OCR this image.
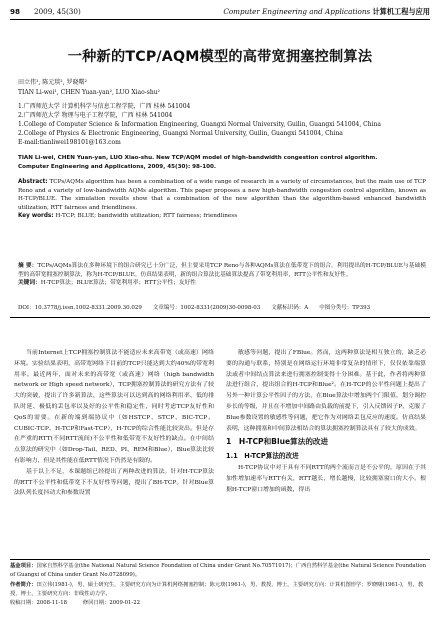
98 2009, 45(30)	Computer Engineering and Applications 计算机工程与应用
一种新的TCP/AQM模型的高带宽拥塞控制算法
田立伟¹, 陈元琰², 罗晓曙²
TIAN Li-wei¹, CHEN Yuan-yan², LUO Xiao-shu²
1.广西师范大学 计算机科学与信息工程学院，广西 桂林 541004
2.广西师范大学 物理与电子工程学院，广西 桂林 541004
1.College of Computer Science & Information Engineering, Guangxi Normal University, Guilin, Guangxi 541004, China
2.College of Physics & Electronic Engineering, Guangxi Normal University, Guilin, Guangxi 541004, China
E-mail:tianliwei198101@163.com
TIAN Li-wei, CHEN Yuan-yan, LUO Xiao-shu. New TCP/AQM model of high-bandwidth congestion control algorithm.
Computer Engineering and Applications, 2009, 45(30): 98-100.

Abstract: TCPs/AQMs algorithm has been a combination of a wide range of research in a variety of circumstances, but the main use of TCP Reno and a variety of low-bandwidth AQMs algorithm. This paper proposes a new high-bandwidth congestion control algorithm, known as H-TCP/BLUE. The simulation results show that a combination of the new algorithm than the algorithm-based enhanced bandwidth utilization, RTT fairness and friendliness.

Key words: H-TCP; BLUE; bandwidth utilization; RTT fairness; friendliness

摘 要：TCPs/AQMs算法在多种环境下的组合研究已十分广泛，但主要采用TCP Reno与各种AQMs算法在低带宽下的组合。利用提出的H-TCP/BLUE与基础模型的高带宽拥塞控制算法，称为H-TCP/BLUE。仿真结果表明，新的组合算法比基础算法提高了带宽利用率，RTT公平性和友好性。

关键词：H-TCP算法；BLUE算法；带宽利用率；RTT公平性；友好性

DOI：10.3778/j.issn.1002-8331.2009.30.029　　文章编号：1002-8331(2009)30-0098-03　　文献标识码：A　　中图分类号：TP393

当前Internet上TCP拥塞控制算法不能适应未来高带宽（或高速）网络环境。实验结果表明，高带宽网络下目前的TCP只能达到大约40%的带宽利用率。最近两年，面对未来的高带宽（或高速）网络（high bandwidth network or High speed network），TCP拥塞控制算法的研究方法有了较大的突破，提出了许多新算法，这些算法可以达到高的网络利用率、低的排队时延、极低的丢包率以及好的公平性和稳定性，同时考虑TCP友好性和QoS的需要。在新的端到端协议中（如HSTCP、STCP、BIC-TCP、CUBIC-TCP、H-TCP和Fast-TCP），H-TCP的综合性能比较突出。但是存在严重的RTT(不同RTT流间)不公平性和低带宽不友好性的缺点。在中间结点算法的研究中（如Drop-Tail、RED、PI、REM和Blue），Blue算法比较有影响力，但是其性能在低RTT情况下仍然是有限的。

基于以上不足，本课题组已经提出了两种改进的算法。针对H-TCP算法的RTT不公平性和低带宽下不友好性等问题，提出了BH-TCP。针对Blue算法队列长度抖动大和参数设置

敏感等问题，提出了FBlue。然而，这两种算法是相互独立的，缺乏必要的沟通与联系，特别是在网络运行环境非常复杂的情形下，仅仅依靠端算法或者中间结点算法来进行拥塞控制变得十分困难。基于此，作者将两种算法进行组合，提出组合的H-TCP和Blue²。在H-TCP的公平性问题上提出了另外一种计算公平性因子的方法，在Blue算法中增加两个门限值，划分调控步长的等级，并且在不增加中间路由负载的前提下，引入反馈因子P，克服了Blue参数设置的敏感性等问题，把它作为对网络丢包反应的速度。仿真结果表明，这种拥塞和中间算法相结合的算法拥塞控制算法具有了较大的成效。

1　H-TCP和Blue算法的改进
1.1　H-TCP算法的改进

H-TCP协议中对于具有不同RTT的两个流而言是不公平的，原因在于其加性增加速率与RTT有关，RTT越长，增长越慢，比较拥塞窗口的大小。根据H-TCP窗口增加的函数，得出

基金项目：国家自然科学基金(the National Natural Science Foundation of China under Grant No.70571017)；广西自然科学基金(the Natural Science Foundation of Guangxi of China under Grant No.0728099)。
作者简介：田立伟(1981-)，男，硕士研究生，主要研究方向为计算机网络拥塞控制；陈元琰(1961-)，男，教授，博士，主要研究方向：计算机图形学；罗晓曙(1961-)，男，教授，博士，主要研究方向：非线性动力学。
收稿日期：2008-11-18　　　修回日期：2009-01-22
